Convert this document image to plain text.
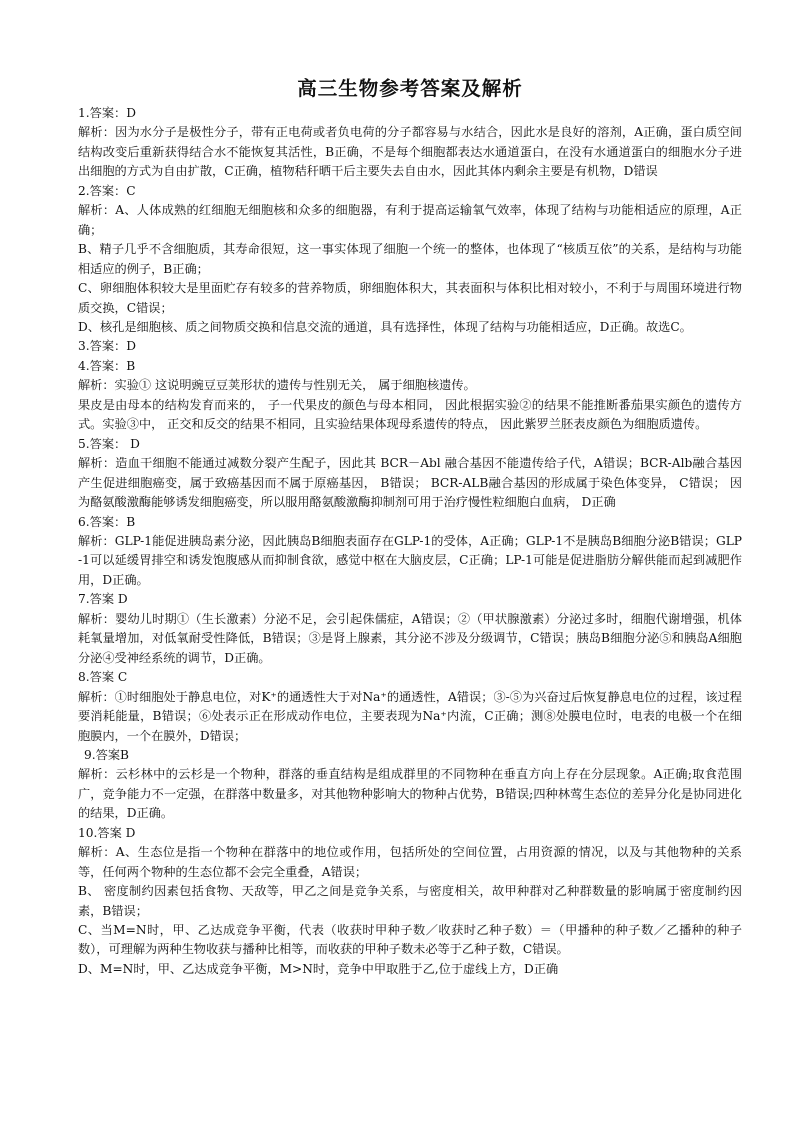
高三生物参考答案及解析

1.答案：D

解析：因为水分子是极性分子，带有正电荷或者负电荷的分子都容易与水结合，因此水是良好的溶剂，A正确，蛋白质空间结构改变后重新获得结合水不能恢复其活性，B正确，不是每个细胞都表达水通道蛋白，在没有水通道蛋白的细胞水分子进出细胞的方式为自由扩散，C正确，植物秸秆晒干后主要失去自由水，因此其体内剩余主要是有机物，D错误

2.答案：C

解析：A、人体成熟的红细胞无细胞核和众多的细胞器，有利于提高运输氧气效率，体现了结构与功能相适应的原理，A正确；

B、精子几乎不含细胞质，其寿命很短，这一事实体现了细胞一个统一的整体，也体现了“核质互依”的关系，是结构与功能相适应的例子，B正确；

C、卵细胞体积较大是里面贮存有较多的营养物质，卵细胞体积大，其表面积与体积比相对较小，不利于与周围环境进行物质交换，C错误；

D、核孔是细胞核、质之间物质交换和信息交流的通道，具有选择性，体现了结构与功能相适应，D正确。故选C。

3.答案：D

4.答案：B

解析：实验① 这说明豌豆豆荚形状的遗传与性别无关， 属于细胞核遗传。

果皮是由母本的结构发育而来的， 子一代果皮的颜色与母本相同， 因此根据实验②的结果不能推断番茄果实颜色的遗传方式。实验③中， 正交和反交的结果不相同，且实验结果体现母系遗传的特点， 因此紫罗兰胚表皮颜色为细胞质遗传。

5.答案： D

解析：造血干细胞不能通过减数分裂产生配子，因此其 BCR－Abl 融合基因不能遗传给子代，A错误；BCR-Alb融合基因产生促进细胞癌变，属于致癌基因而不属于原癌基因， B错误； BCR-ALB融合基因的形成属于染色体变异， C错误； 因为酪氨酸激酶能够诱发细胞癌变，所以服用酪氨酸激酶抑制剂可用于治疗慢性粒细胞白血病， D正确

6.答案：B

解析：GLP-1能促进胰岛素分泌，因此胰岛B细胞表面存在GLP-1的受体，A正确；GLP-1不是胰岛B细胞分泌B错误；GLP-1可以延缓胃排空和诱发饱腹感从而抑制食欲，感觉中枢在大脑皮层，C正确；LP-1可能是促进脂肪分解供能而起到减肥作用，D正确。

7.答案 D

解析：婴幼儿时期①（生长激素）分泌不足，会引起侏儒症，A错误；②（甲状腺激素）分泌过多时，细胞代谢增强，机体耗氧量增加，对低氧耐受性降低，B错误；③是肾上腺素，其分泌不涉及分级调节，C错误；胰岛B细胞分泌⑤和胰岛A细胞分泌④受神经系统的调节，D正确。

8.答案 C

解析：①时细胞处于静息电位，对K⁺的通透性大于对Na⁺的通透性，A错误；③-⑤为兴奋过后恢复静息电位的过程，该过程要消耗能量，B错误；⑥处表示正在形成动作电位，主要表现为Na⁺内流，C正确；测⑧处膜电位时，电表的电极一个在细胞膜内，一个在膜外，D错误；

9.答案B

解析：云杉林中的云杉是一个物种，群落的垂直结构是组成群里的不同物种在垂直方向上存在分层现象。A正确;取食范围广，竞争能力不一定强，在群落中数量多，对其他物种影响大的物种占优势，B错误;四种林莺生态位的差异分化是协同进化的结果，D正确。

10.答案 D

解析：A、生态位是指一个物种在群落中的地位或作用，包括所处的空间位置，占用资源的情况，以及与其他物种的关系等，任何两个物种的生态位都不会完全重叠，A错误；

B、 密度制约因素包括食物、天敌等，甲乙之间是竞争关系，与密度相关，故甲种群对乙种群数量的影响属于密度制约因素，B错误；

C、当M=N时，甲、乙达成竞争平衡，代表（收获时甲种子数／收获时乙种子数）＝（甲播种的种子数／乙播种的种子数），可理解为两种生物收获与播种比相等，而收获的甲种子数未必等于乙种子数，C错误。

D、M=N时，甲、乙达成竞争平衡，M>N时，竞争中甲取胜于乙,位于虚线上方，D正确
